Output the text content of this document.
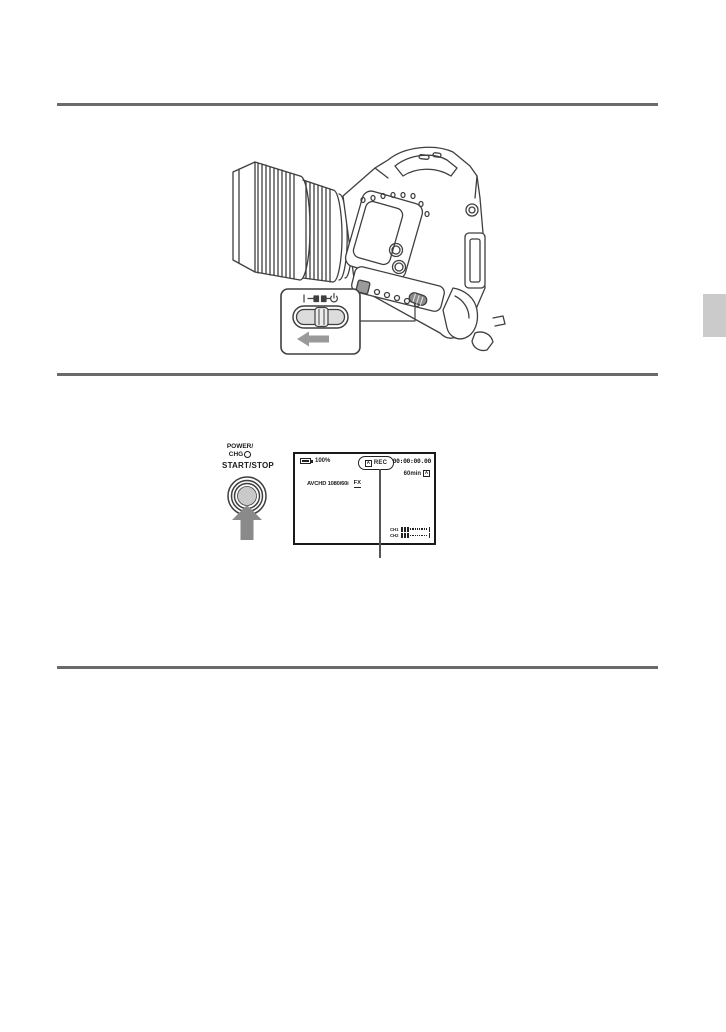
POWER/
CHG
START/STOP	100%	A REC 00:00:00.00
60min A
AVCHD 1080/60i FX
CH1
CH2
